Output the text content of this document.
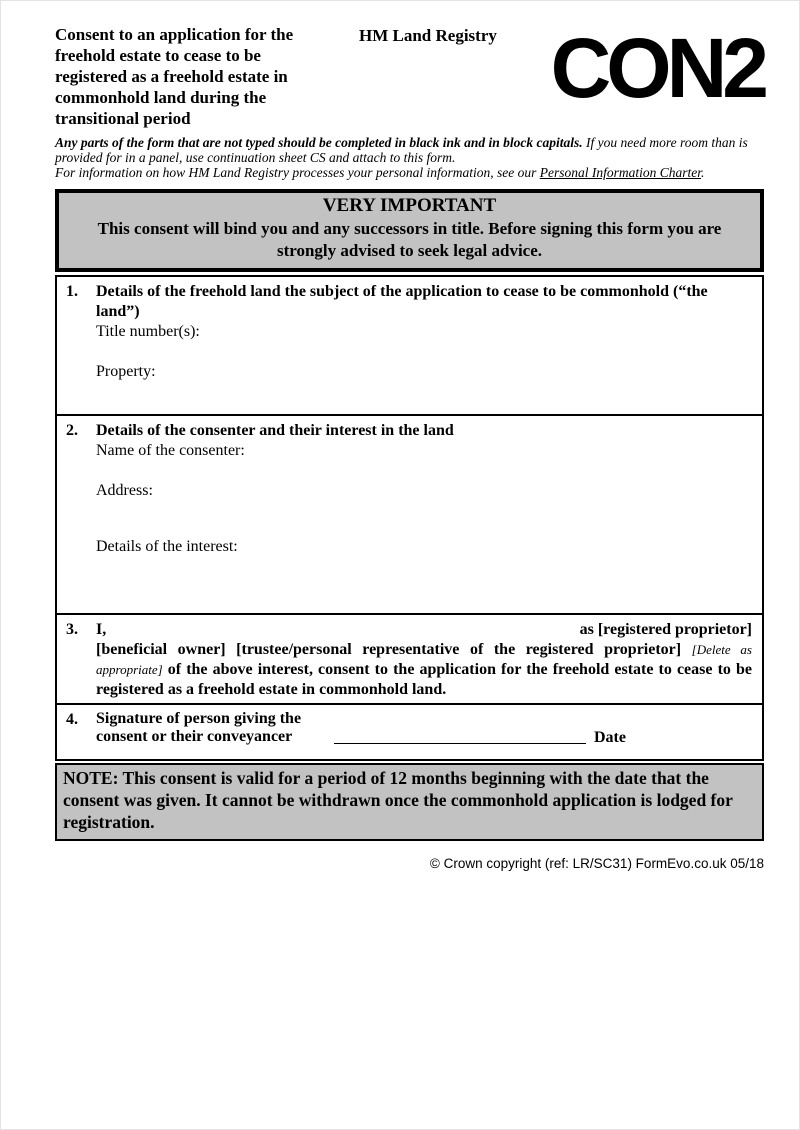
Consent to an application for the freehold estate to cease to be registered as a freehold estate in commonhold land during the transitional period
HM Land Registry CON2
Any parts of the form that are not typed should be completed in black ink and in block capitals. If you need more room than is provided for in a panel, use continuation sheet CS and attach to this form.
For information on how HM Land Registry processes your personal information, see our Personal Information Charter.
VERY IMPORTANT
This consent will bind you and any successors in title. Before signing this form you are strongly advised to seek legal advice.
1.	Details of the freehold land the subject of the application to cease to be commonhold (“the land”)
Title number(s):
Property:
2.	Details of the consenter and their interest in the land
Name of the consenter:
Address:
Details of the interest:
3.	I,	as [registered proprietor]
[beneficial owner] [trustee/personal representative of the registered proprietor] [Delete as appropriate] of the above interest, consent to the application for the freehold estate to cease to be registered as a freehold estate in commonhold land.
4.	Signature of person giving the
consent or their conveyancer	Date
NOTE: This consent is valid for a period of 12 months beginning with the date that the consent was given. It cannot be withdrawn once the commonhold application is lodged for registration.
© Crown copyright (ref: LR/SC31) FormEvo.co.uk 05/18
